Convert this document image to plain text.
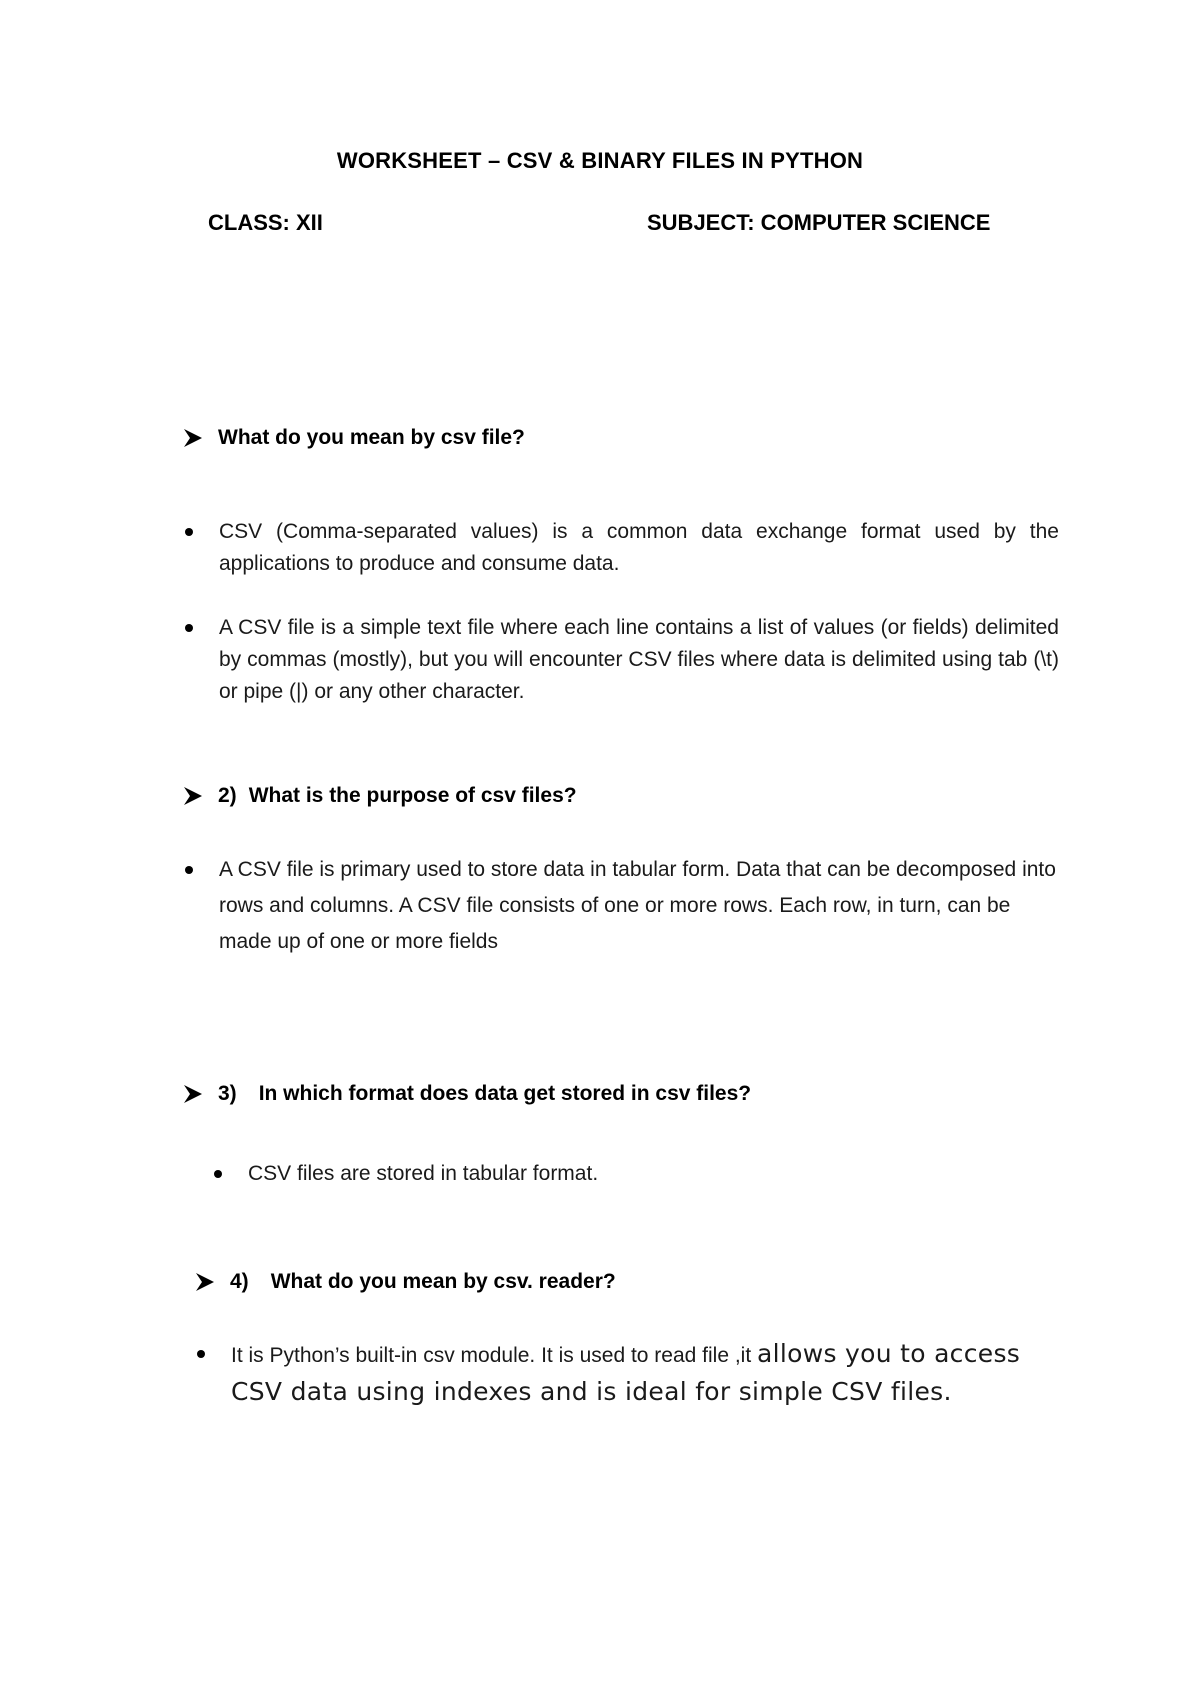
WORKSHEET – CSV & BINARY FILES IN PYTHON
CLASS: XII	SUBJECT: COMPUTER SCIENCE
What do you mean by csv file?
CSV (Comma-separated values) is a common data exchange format used by the applications to produce and consume data.
A CSV file is a simple text file where each line contains a list of values (or fields) delimited by commas (mostly), but you will encounter CSV files where data is delimited using tab (\t) or pipe (|) or any other character.
2) What is the purpose of csv files?
A CSV file is primary used to store data in tabular form. Data that can be decomposed into rows and columns. A CSV file consists of one or more rows. Each row, in turn, can be made up of one or more fields
3) In which format does data get stored in csv files?
CSV files are stored in tabular format.
4) What do you mean by csv. reader?
It is Python’s built-in csv module. It is used to read file ,it allows you to access CSV data using indexes and is ideal for simple CSV files.
